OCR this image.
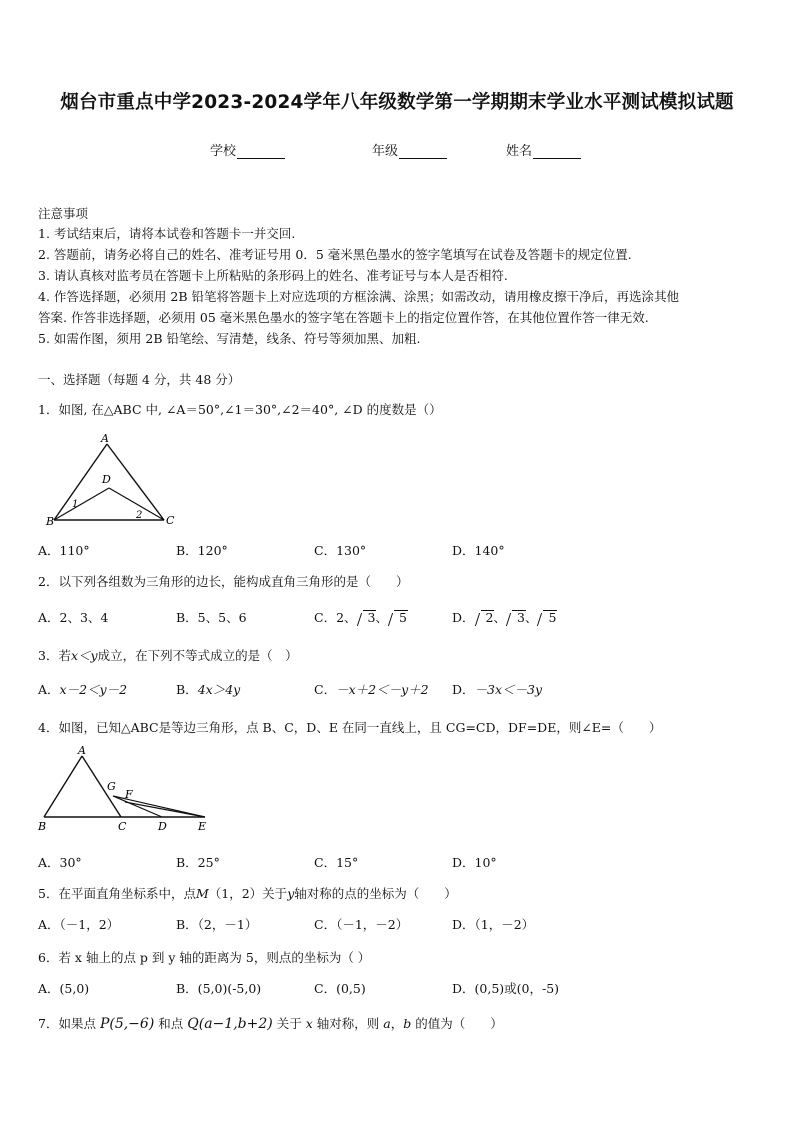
烟台市重点中学2023-2024学年八年级数学第一学期期末学业水平测试模拟试题
学校	年级	姓名
注意事项
1. 考试结束后，请将本试卷和答题卡一并交回.
2. 答题前，请务必将自己的姓名、准考证号用 0．5 毫米黑色墨水的签字笔填写在试卷及答题卡的规定位置.
3. 请认真核对监考员在答题卡上所粘贴的条形码上的姓名、准考证号与本人是否相符.
4. 作答选择题，必须用 2B 铅笔将答题卡上对应选项的方框涂满、涂黑；如需改动，请用橡皮擦干净后，再选涂其他
答案. 作答非选择题，必须用 05 毫米黑色墨水的签字笔在答题卡上的指定位置作答，在其他位置作答一律无效.
5. 如需作图，须用 2B 铅笔绘、写清楚，线条、符号等须加黑、加粗.
一、选择题（每题 4 分，共 48 分）
1．如图, 在△ABC 中, ∠A＝50°,∠1＝30°,∠2＝40°, ∠D 的度数是（）
A
B	C
D
1
2
A．110°	B．120°	C．130°	D．140°
2．以下列各组数为三角形的边长，能构成直角三角形的是（　　）
A．2、3、4	B．5、5、6	C．2、 3、 5	D． 2、 3、 5
3．若x＜y成立，在下列不等式成立的是（　）
A．x－2＜y－2	B．4x＞4y	C．－x＋2＜－y＋2 D．－3x＜－3y
4．如图，已知△ABC是等边三角形，点 B、C，D、E 在同一直线上，且 CG=CD，DF=DE，则∠E=（　　）
A
B	C	D	E
G
F
A．30°	B．25°	C．15°	D．10°
5．在平面直角坐标系中，点M（1，2）关于y轴对称的点的坐标为（　　）
A．（－1，2）	B．（2，－1）	C．（－1，－2）	D．（1，－2）
6．若 x 轴上的点 p 到 y 轴的距离为 5，则点的坐标为（ ）
A．(5,0)	B．(5,0)(-5,0)	C．(0,5)	D．(0,5)或(0，-5)
7．如果点 P(5,−6) 和点 Q(a−1,b+2) 关于 x 轴对称，则 a，b 的值为（　　）
